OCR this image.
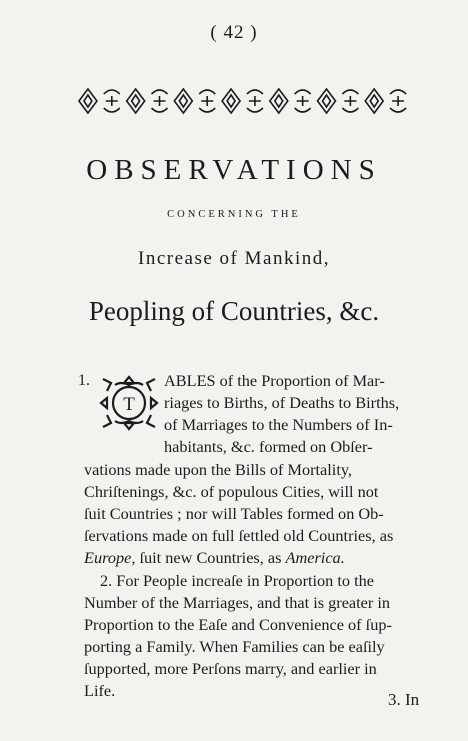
( 42 )
OBSERVATIONS
CONCERNING THE
Increase of Mankind,
Peopling of Countries, &c.
1.
T
ABLES of the Proportion of Mar-
riages to Births, of Deaths to Births,
of Marriages to the Numbers of In-
habitants, &c. formed on Obſer-
vations made upon the Bills of Mortality,
Chriſtenings, &c. of populous Cities, will not
ſuit Countries ; nor will Tables formed on Ob-
ſervations made on full ſettled old Countries, as
Europe, ſuit new Countries, as America.
2. For People increaſe in Proportion to the
Number of the Marriages, and that is greater in
Proportion to the Eaſe and Convenience of ſup-
porting a Family. When Families can be eaſily
ſupported, more Perſons marry, and earlier in
Life.	3. In
